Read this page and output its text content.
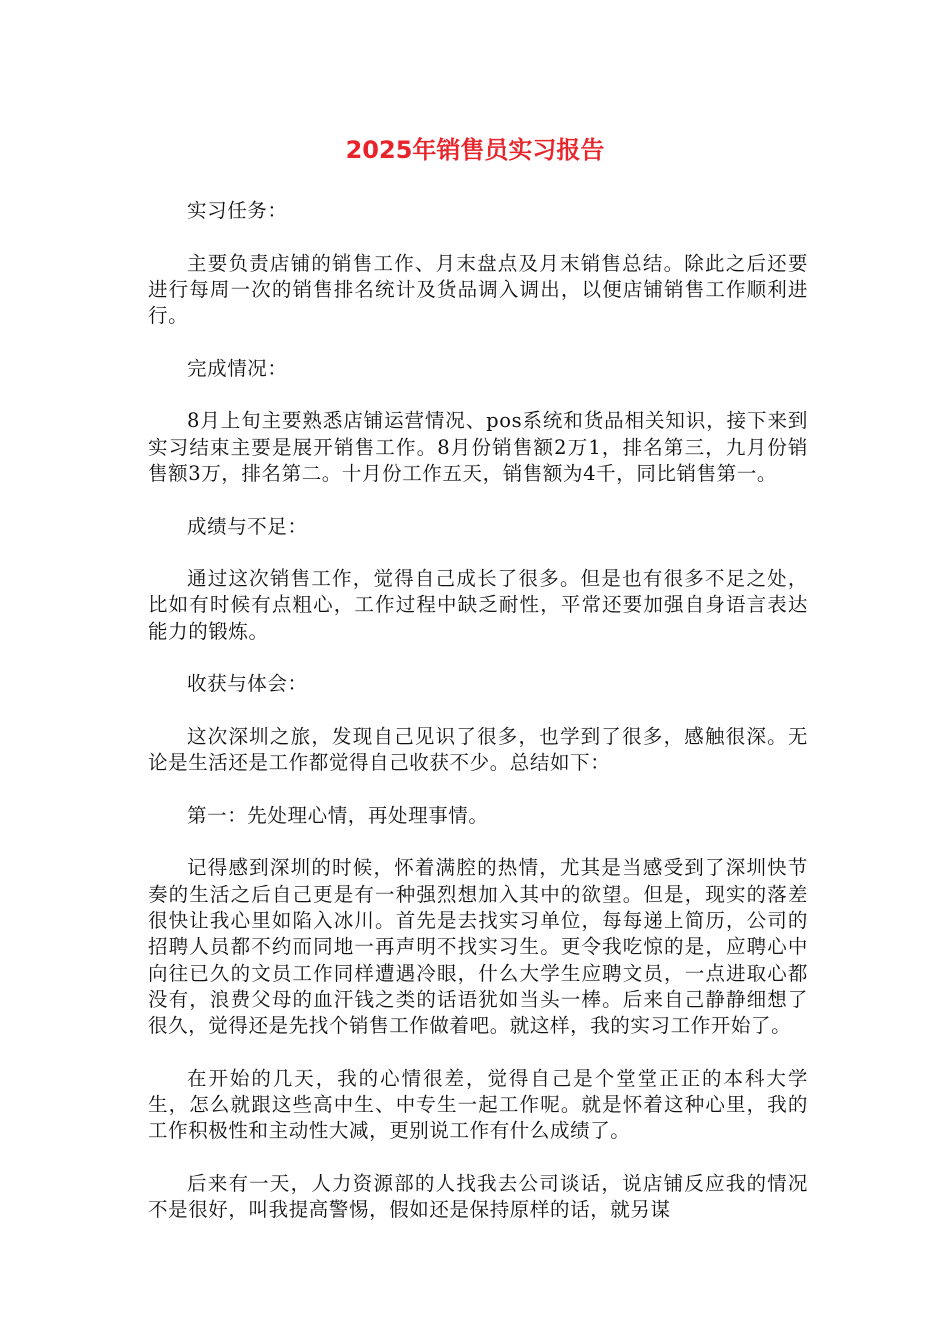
2025年销售员实习报告

实习任务：

主要负责店铺的销售工作、月末盘点及月末销售总结。除此之后还要进行每周一次的销售排名统计及货品调入调出，以便店铺销售工作顺利进行。

完成情况：

8月上旬主要熟悉店铺运营情况、pos系统和货品相关知识，接下来到实习结束主要是展开销售工作。8月份销售额2万1，排名第三，九月份销售额3万，排名第二。十月份工作五天，销售额为4千，同比销售第一。

成绩与不足：

通过这次销售工作，觉得自己成长了很多。但是也有很多不足之处，比如有时候有点粗心，工作过程中缺乏耐性，平常还要加强自身语言表达能力的锻炼。

收获与体会：

这次深圳之旅，发现自己见识了很多，也学到了很多，感触很深。无论是生活还是工作都觉得自己收获不少。总结如下：

第一：先处理心情，再处理事情。

记得感到深圳的时候，怀着满腔的热情，尤其是当感受到了深圳快节奏的生活之后自己更是有一种强烈想加入其中的欲望。但是，现实的落差很快让我心里如陷入冰川。首先是去找实习单位，每每递上简历，公司的招聘人员都不约而同地一再声明不找实习生。更令我吃惊的是，应聘心中向往已久的文员工作同样遭遇冷眼，什么大学生应聘文员，一点进取心都没有，浪费父母的血汗钱之类的话语犹如当头一棒。后来自己静静细想了很久，觉得还是先找个销售工作做着吧。就这样，我的实习工作开始了。

在开始的几天，我的心情很差，觉得自己是个堂堂正正的本科大学生，怎么就跟这些高中生、中专生一起工作呢。就是怀着这种心里，我的工作积极性和主动性大减，更别说工作有什么成绩了。

后来有一天，人力资源部的人找我去公司谈话，说店铺反应我的情况不是很好，叫我提高警惕，假如还是保持原样的话，就另谋
